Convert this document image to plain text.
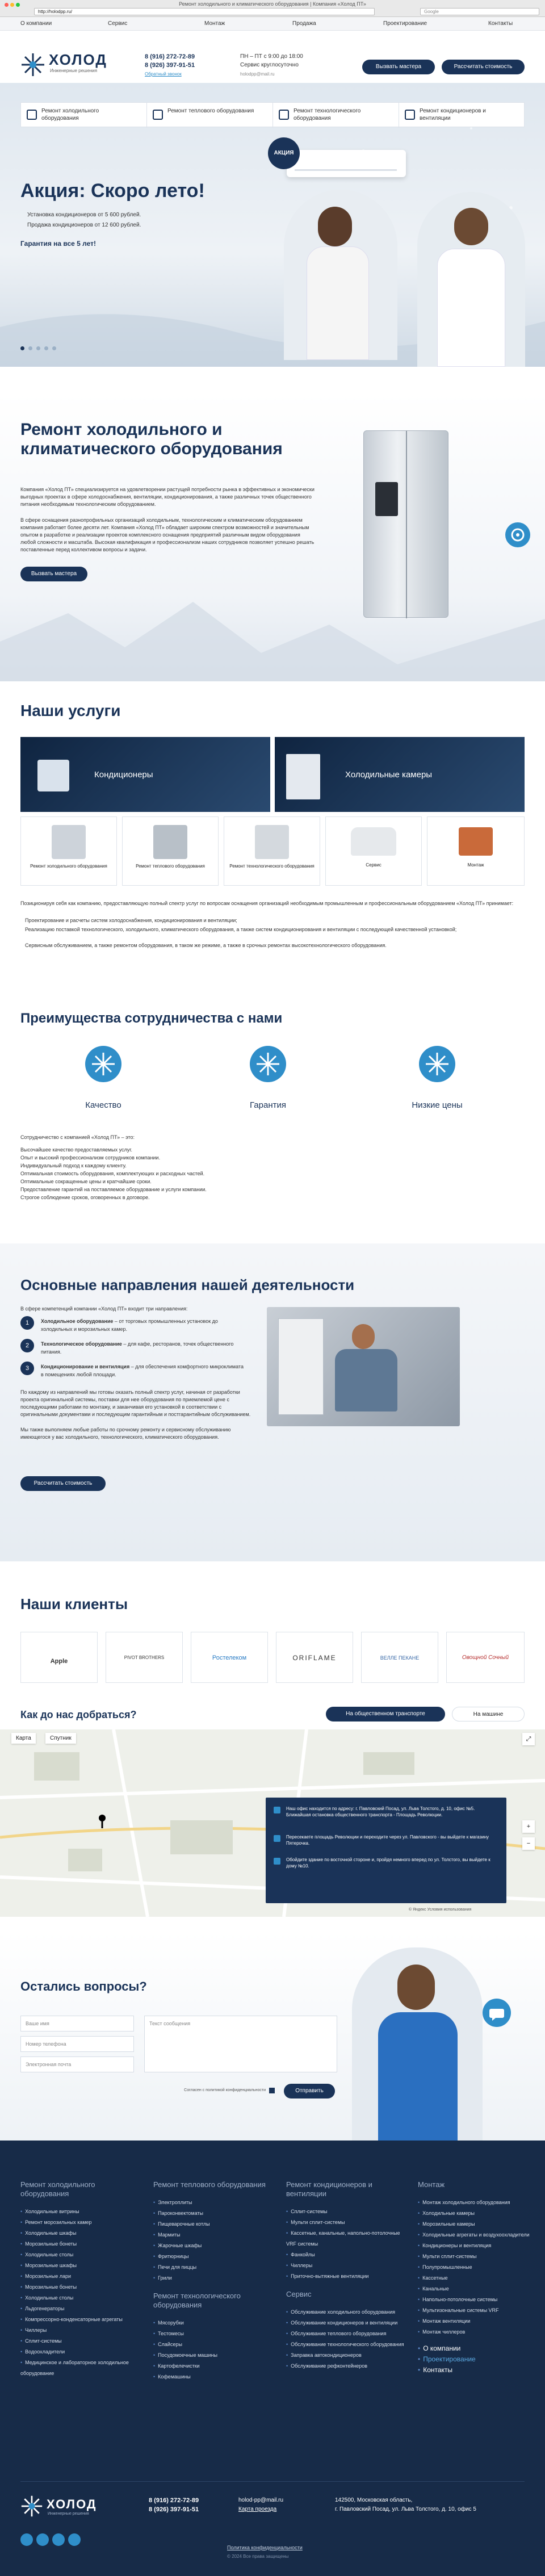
Ремонт холодильного и климатического оборудования | Компания «Холод ПТ»
http://holodpp.ru/	Google
О компании	Сервис	Монтаж	Продажа	Проектирование	Контакты
ХОЛОД
Инженерные решения
8 (916) 272-72-89
8 (926) 397-91-51
Обратный звонок
ПН – ПТ с 9:00 до 18:00
Сервис круглосуточно
holodpp@mail.ru
Вызвать мастера	Рассчитать стоимость
АКЦИЯ
Акция: Скоро лето!
Установка кондиционеров от 5 600 рублей.
Продажа кондиционеров от 12 600 рублей.
Гарантия на все 5 лет!
Ремонт холодильного оборудования
Ремонт теплового оборудования	Ремонт технологического оборудования
Ремонт кондиционеров и вентиляции
Ремонт холодильного и климатического оборудования
Компания «Холод ПТ» специализируется на удовлетворении растущей потребности рынка в эффективных и экономически выгодных проектах в сфере холодоснабжения, вентиляции, кондиционирования, а также различных точек общественного питания необходимым технологическим оборудованием.
В сфере оснащения разнопрофильных организаций холодильным, технологическим и климатическим оборудованием компания работает более десяти лет. Компания «Холод ПТ» обладает широким спектром возможностей и значительным опытом в разработке и реализации проектов комплексного оснащения предприятий различным видом оборудования любой сложности и масштаба. Высокая квалификация и профессионализм наших сотрудников позволяет успешно решать поставленные перед коллективом вопросы и задачи.
Вызвать мастера
Наши услуги
Кондиционеры	Холодильные камеры
Ремонт холодильного оборудования	Ремонт теплового оборудования	Ремонт технологического оборудования	Сервис	Монтаж
Позиционируя себя как компанию, предоставляющую полный спектр услуг по вопросам оснащения организаций необходимым промышленным и профессиональным оборудованием «Холод ПТ» принимает:
Проектирование и расчеты систем холодоснабжения, кондиционирования и вентиляции;
Реализацию поставкой технологического, холодильного, климатического оборудования, а также систем кондиционирования и вентиляции с последующей качественной установкой;
Сервисным обслуживанием, а также ремонтом оборудования, в таком же режиме, а также в срочных ремонтах высокотехнологического оборудования.
Преимущества сотрудничества с нами
Качество	Гарантия	Низкие цены
Сотрудничество с компанией «Холод ПТ» – это:
Высочайшее качество предоставляемых услуг.
Опыт и высокий профессионализм сотрудников компании.
Индивидуальный подход к каждому клиенту.
Оптимальная стоимость оборудования, комплектующих и расходных частей.
Оптимальные сокращенные цены и кратчайшие сроки.
Предоставление гарантий на поставляемое оборудование и услуги компании.
Строгое соблюдение сроков, оговоренных в договоре.
Основные направления нашей деятельности
В сфере компетенций компании «Холод ПТ» входит три направления:
1	Холодильное оборудование – от торговых промышленных установок до холодильных и морозильных камер.
2	Технологическое оборудование – для кафе, ресторанов, точек общественного питания.
3	Кондиционирование и вентиляция – для обеспечения комфортного микроклимата в помещениях любой площади.
По каждому из направлений мы готовы оказать полный спектр услуг, начиная от разработки проекта оригинальной системы, поставки для нее оборудования по приемлемой цене с последующими работами по монтажу, и заканчивая его установкой в соответствии с оригинальными документами и последующим гарантийным и постгарантийным обслуживанием.
Мы также выполняем любые работы по срочному ремонту и сервисному обслуживанию имеющегося у вас холодильного, технологического, климатического оборудования.
Рассчитать стоимость
Наши клиенты
Apple
PIVOT BROTHERS	Ростелеком	ORIFLAME	ВЕЛЛЕ ПЕКАНЕ	Овощной Сочный
Как до нас добраться?	На общественном транспорте	На машине
Карта	Спутник	⤢
+
−
Наш офис находится по адресу: г. Павловский Посад, ул. Льва Толстого, д. 10, офис №5. Ближайшая остановка общественного транспорта - Площадь Революции.
Пересекаете площадь Революции и переходите через ул. Павловского - вы выйдете к магазину Пятерочка.
Обойдите здание по восточной стороне и, пройдя немного вперед по ул. Толстого, вы выйдете к дому №10.
© Яндекс Условия использования
Остались вопросы?
Ваше имя
Номер телефона
Электронная почта
Текст сообщения
Согласен с политикой конфиденциальности	Отправить
Ремонт холодильного оборудования
• Холодильные витрины
• Ремонт морозильных камер
• Холодильные шкафы
• Морозильные бонеты
• Холодильные столы
• Морозильные шкафы
• Морозильные лари
• Морозильные бонеты
• Холодильные столы
• Льдогенераторы
• Компрессорно-конденсаторные агрегаты
• Чиллеры
• Сплит-системы
• Водоохладители
• Медицинское и лабораторное холодильное оборудование
Ремонт теплового оборудования
• Электроплиты
• Пароконвектоматы
• Пищеварочные котлы
• Мармиты
• Жарочные шкафы
• Фритюрницы
• Печи для пиццы
• Грили
Ремонт технологического оборудования
• Мясорубки
• Тестомесы
• Слайсеры
• Посудомоечные машины
• Картофелечистки
• Кофемашины
Ремонт кондиционеров и вентиляции
• Сплит-системы
• Мульти сплит-системы
• Кассетные, канальные, напольно-потолочные VRF системы
• Фанкойлы
• Чиллеры
• Приточно-вытяжные вентиляции
Сервис
• Обслуживание холодильного оборудования
• Обслуживание кондиционеров и вентиляции
• Обслуживание теплового оборудования
• Обслуживание технологического оборудования
• Заправка автокондиционеров
• Обслуживание рефконтейнеров
Монтаж
• Монтаж холодильного оборудования
• Холодильные камеры
• Морозильные камеры
• Холодильные агрегаты и воздухоохладители
• Кондиционеры и вентиляция
• Мульти сплит-системы
• Полупромышленные
• Кассетные
• Канальные
• Напольно-потолочные системы
• Мультизональные системы VRF
• Монтаж вентиляции
• Монтаж чиллеров
• О компании
• Проектирование
• Контакты
ХОЛОД
Инженерные решения
8 (916) 272-72-89
8 (926) 397-91-51
holod-pp@mail.ru
Карта проезда
142500, Московская область,
г. Павловский Посад, ул. Льва Толстого, д. 10, офис 5
Политика конфиденциальности
© 2024 Все права защищены
